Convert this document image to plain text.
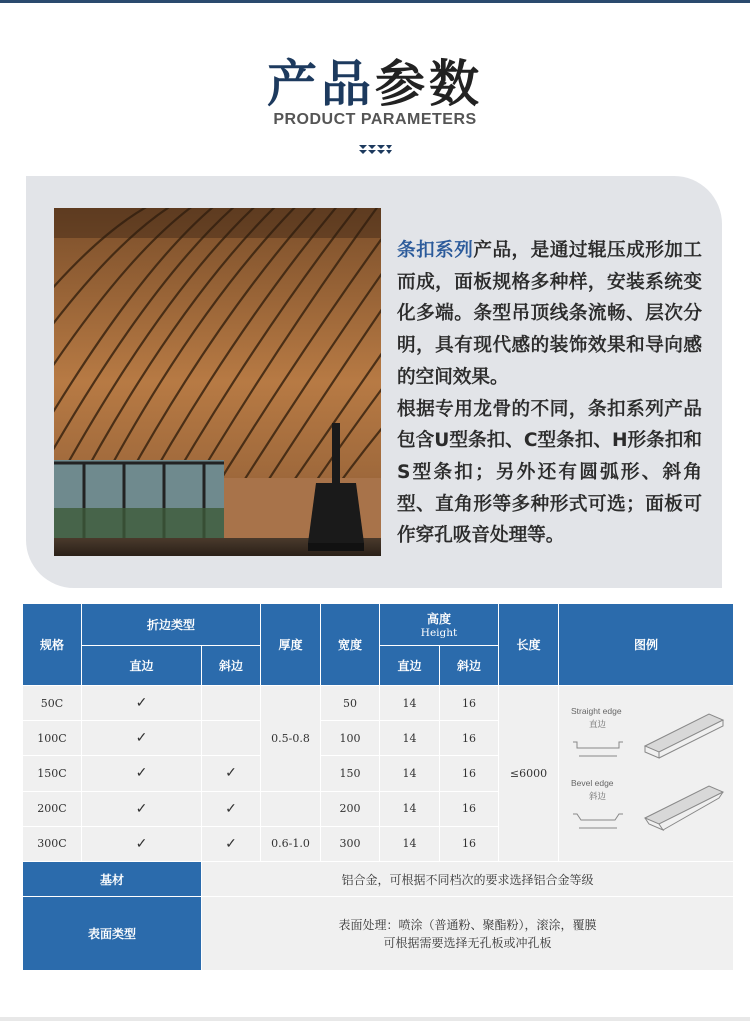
产品参数
PRODUCT PARAMETERS

条扣系列产品，是通过辊压成形加工而成，面板规格多种样，安装系统变化多端。条型吊顶线条流畅、层次分明，具有现代感的装饰效果和导向感的空间效果。

根据专用龙骨的不同，条扣系列产品包含U型条扣、C型条扣、H形条扣和S型条扣；另外还有圆弧形、斜角型、直角形等多种形式可选；面板可作穿孔吸音处理等。

规格	折边类型		厚度	宽度	高度
Height		长度	图例
	直边	斜边			直边	斜边		
50C	✓		0.5-0.8	50	14	16	≤6000	Straight edge
直边
Bevel edge
斜边

100C	✓			100	14	16		
150C	✓	✓		150	14	16		
200C	✓	✓		200	14	16		
300C	✓	✓	0.6-1.0	300	14	16		
基材		铝合金，可根据不同档次的要求选择铝合金等级						
表面类型		表面处理：喷涂（普通粉、聚酯粉），滚涂，覆膜
可根据需要选择无孔板或冲孔板						
